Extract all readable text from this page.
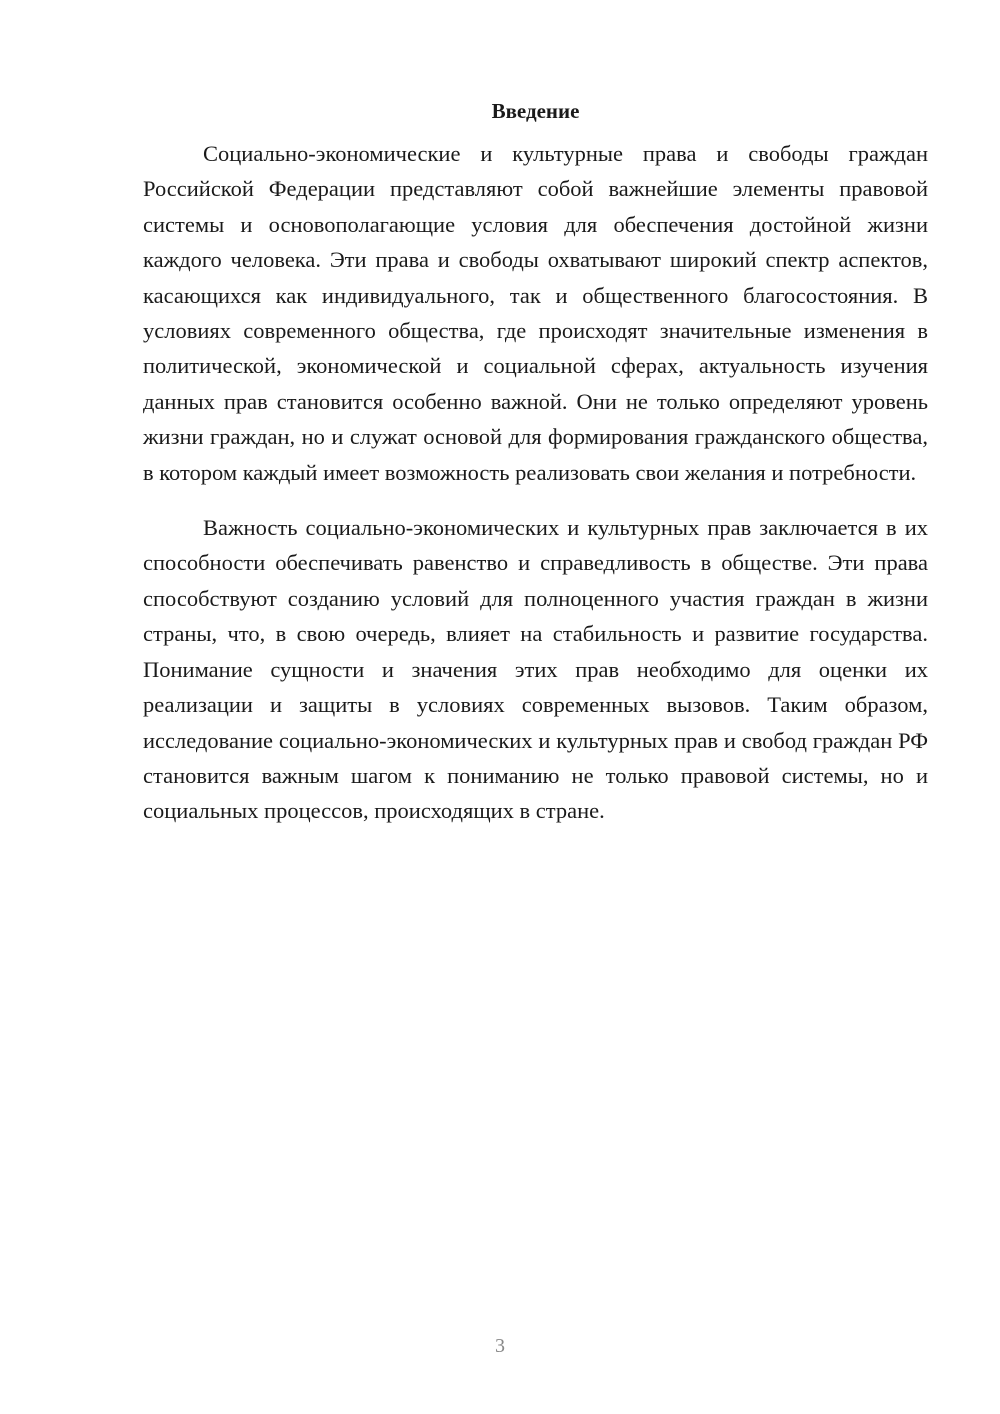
Введение

Социально-экономические и культурные права и свободы граждан Российской Федерации представляют собой важнейшие элементы правовой системы и основополагающие условия для обеспечения достойной жизни каждого человека. Эти права и свободы охватывают широкий спектр аспектов, касающихся как индивидуального, так и общественного благосостояния. В условиях современного общества, где происходят значительные изменения в политической, экономической и социальной сферах, актуальность изучения данных прав становится особенно важной. Они не только определяют уровень жизни граждан, но и служат основой для формирования гражданского общества, в котором каждый имеет возможность реализовать свои желания и потребности.

Важность социально-экономических и культурных прав заключается в их способности обеспечивать равенство и справедливость в обществе. Эти права способствуют созданию условий для полноценного участия граждан в жизни страны, что, в свою очередь, влияет на стабильность и развитие государства. Понимание сущности и значения этих прав необходимо для оценки их реализации и защиты в условиях современных вызовов. Таким образом, исследование социально-экономических и культурных прав и свобод граждан РФ становится важным шагом к пониманию не только правовой системы, но и социальных процессов, происходящих в стране.

3
